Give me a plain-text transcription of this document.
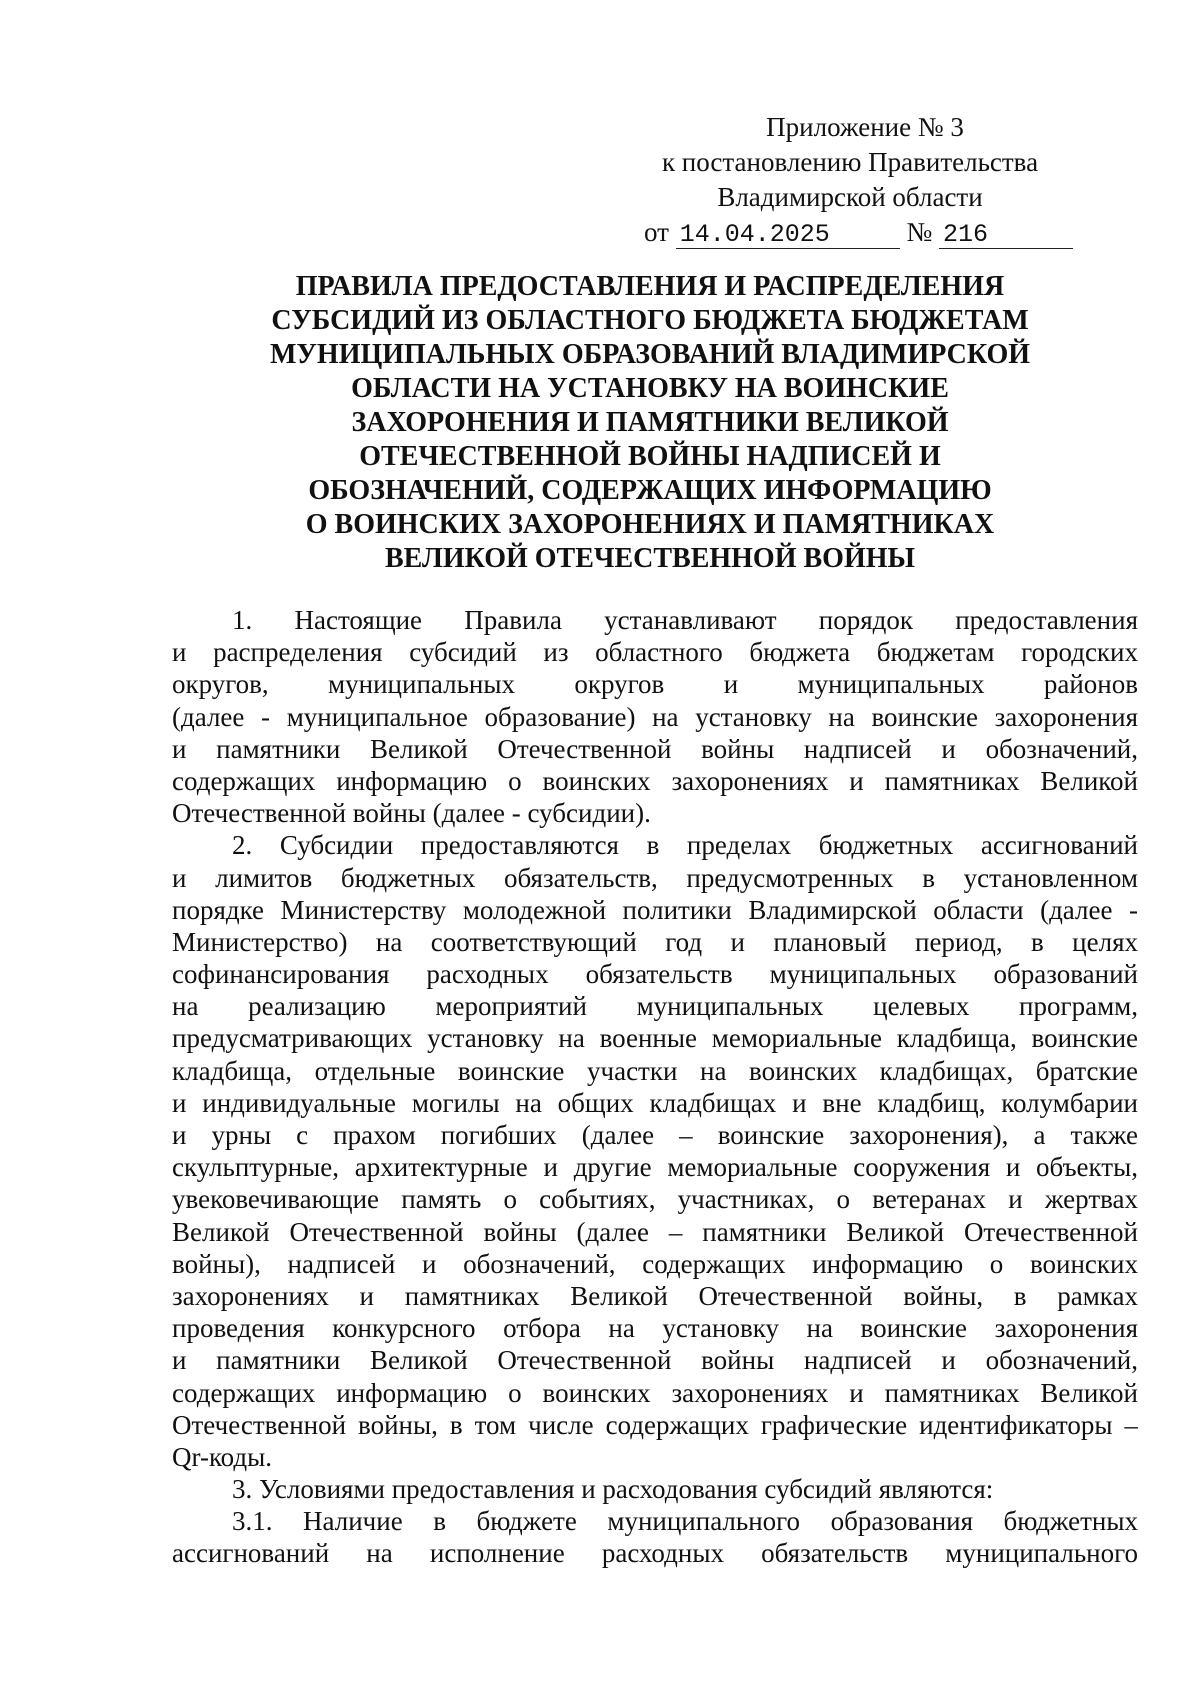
Приложение № 3
к постановлению Правительства
Владимирской области
от 14.04.2025	№ 216
ПРАВИЛА ПРЕДОСТАВЛЕНИЯ И РАСПРЕДЕЛЕНИЯ
СУБСИДИЙ ИЗ ОБЛАСТНОГО БЮДЖЕТА БЮДЖЕТАМ
МУНИЦИПАЛЬНЫХ ОБРАЗОВАНИЙ ВЛАДИМИРСКОЙ
ОБЛАСТИ НА УСТАНОВКУ НА ВОИНСКИЕ
ЗАХОРОНЕНИЯ И ПАМЯТНИКИ ВЕЛИКОЙ
ОТЕЧЕСТВЕННОЙ ВОЙНЫ НАДПИСЕЙ И
ОБОЗНАЧЕНИЙ, СОДЕРЖАЩИХ ИНФОРМАЦИЮ
О ВОИНСКИХ ЗАХОРОНЕНИЯХ И ПАМЯТНИКАХ
ВЕЛИКОЙ ОТЕЧЕСТВЕННОЙ ВОЙНЫ
1. Настоящие Правила устанавливают порядок предоставления
и распределения субсидий из областного бюджета бюджетам городских
округов, муниципальных округов и муниципальных районов
(далее - муниципальное образование) на установку на воинские захоронения
и памятники Великой Отечественной войны надписей и обозначений,
содержащих информацию о воинских захоронениях и памятниках Великой
Отечественной войны (далее - субсидии).
2. Субсидии предоставляются в пределах бюджетных ассигнований
и лимитов бюджетных обязательств, предусмотренных в установленном
порядке Министерству молодежной политики Владимирской области (далее -
Министерство) на соответствующий год и плановый период, в целях
софинансирования расходных обязательств муниципальных образований
на реализацию мероприятий муниципальных целевых программ,
предусматривающих установку на военные мемориальные кладбища, воинские
кладбища, отдельные воинские участки на воинских кладбищах, братские
и индивидуальные могилы на общих кладбищах и вне кладбищ, колумбарии
и урны с прахом погибших (далее – воинские захоронения), а также
скульптурные, архитектурные и другие мемориальные сооружения и объекты,
увековечивающие память о событиях, участниках, о ветеранах и жертвах
Великой Отечественной войны (далее – памятники Великой Отечественной
войны), надписей и обозначений, содержащих информацию о воинских
захоронениях и памятниках Великой Отечественной войны, в рамках
проведения конкурсного отбора на установку на воинские захоронения
и памятники Великой Отечественной войны надписей и обозначений,
содержащих информацию о воинских захоронениях и памятниках Великой
Отечественной войны, в том числе содержащих графические идентификаторы –
Qr-коды.
3. Условиями предоставления и расходования субсидий являются:
3.1. Наличие в бюджете муниципального образования бюджетных
ассигнований на исполнение расходных обязательств муниципального
